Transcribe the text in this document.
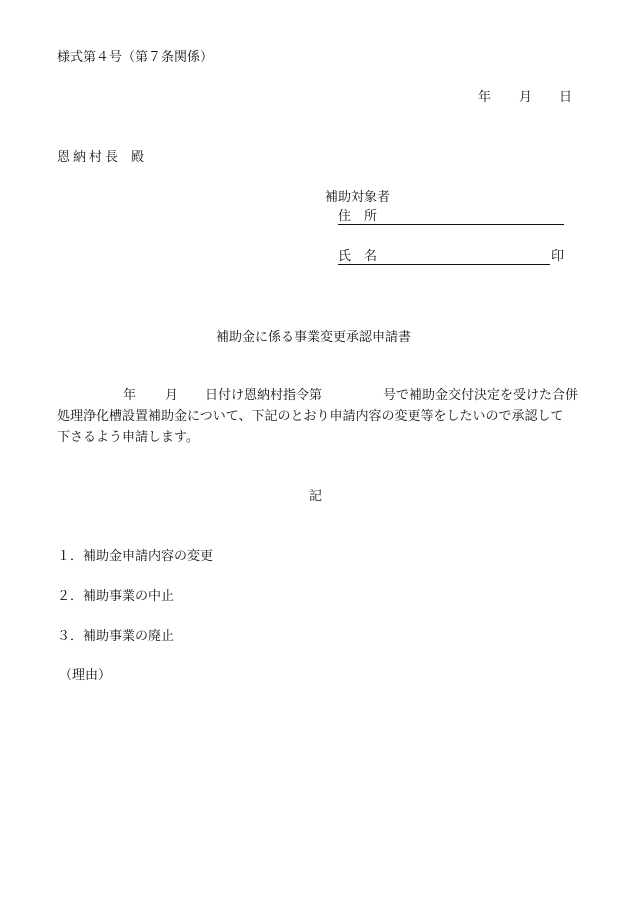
様式第４号（第７条関係）
年 月 日
恩納村長 殿
補助対象者
住　所
氏　名	印
補助金に係る事業変更承認申請書
年 月 日付け恩納村指令第	号で補助金交付決定を受けた合併
処理浄化槽設置補助金について、下記のとおり申請内容の変更等をしたいので承認して
下さるよう申請します。
記
１．補助金申請内容の変更
２．補助事業の中止
３．補助事業の廃止
（理由）
